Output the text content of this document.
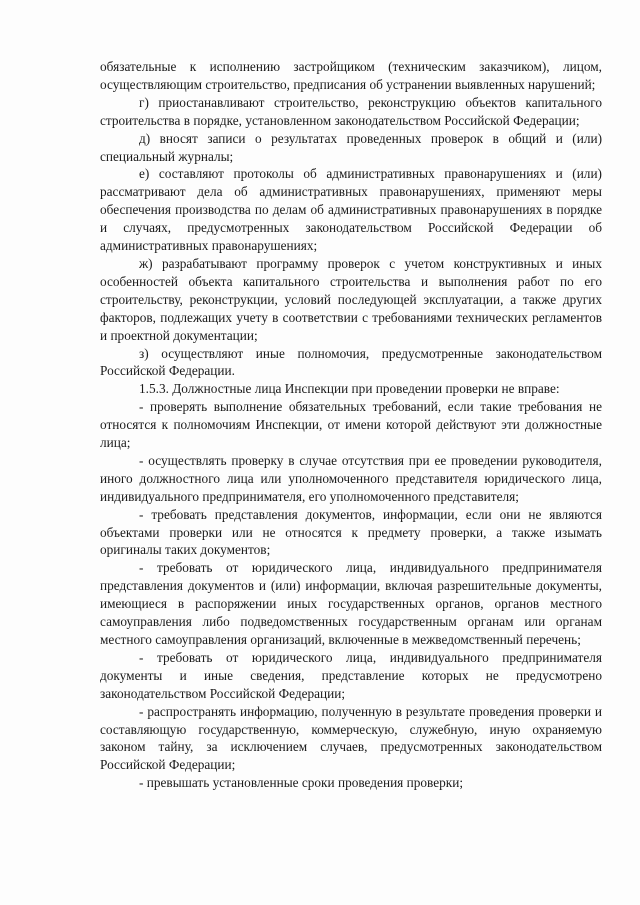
обязательные к исполнению застройщиком (техническим заказчиком), лицом, осуществляющим строительство, предписания об устранении выявленных нарушений;

г) приостанавливают строительство, реконструкцию объектов капитального строительства в порядке, установленном законодательством Российской Федерации;

д) вносят записи о результатах проведенных проверок в общий и (или) специальный журналы;

е) составляют протоколы об административных правонарушениях и (или) рассматривают дела об административных правонарушениях, применяют меры обеспечения производства по делам об административных правонарушениях в порядке и случаях, предусмотренных законодательством Российской Федерации об административных правонарушениях;

ж) разрабатывают программу проверок с учетом конструктивных и иных особенностей объекта капитального строительства и выполнения работ по его строительству, реконструкции, условий последующей эксплуатации, а также других факторов, подлежащих учету в соответствии с требованиями технических регламентов и проектной документации;

з) осуществляют иные полномочия, предусмотренные законодательством Российской Федерации.

1.5.3. Должностные лица Инспекции при проведении проверки не вправе:

- проверять выполнение обязательных требований, если такие требования не относятся к полномочиям Инспекции, от имени которой действуют эти должностные лица;

- осуществлять проверку в случае отсутствия при ее проведении руководителя, иного должностного лица или уполномоченного представителя юридического лица, индивидуального предпринимателя, его уполномоченного представителя;

- требовать представления документов, информации, если они не являются объектами проверки или не относятся к предмету проверки, а также изымать оригиналы таких документов;

- требовать от юридического лица, индивидуального предпринимателя представления документов и (или) информации, включая разрешительные документы, имеющиеся в распоряжении иных государственных органов, органов местного самоуправления либо подведомственных государственным органам или органам местного самоуправления организаций, включенные в межведомственный перечень;

- требовать от юридического лица, индивидуального предпринимателя документы и иные сведения, представление которых не предусмотрено законодательством Российской Федерации;

- распространять информацию, полученную в результате проведения проверки и составляющую государственную, коммерческую, служебную, иную охраняемую законом тайну, за исключением случаев, предусмотренных законодательством Российской Федерации;

- превышать установленные сроки проведения проверки;
